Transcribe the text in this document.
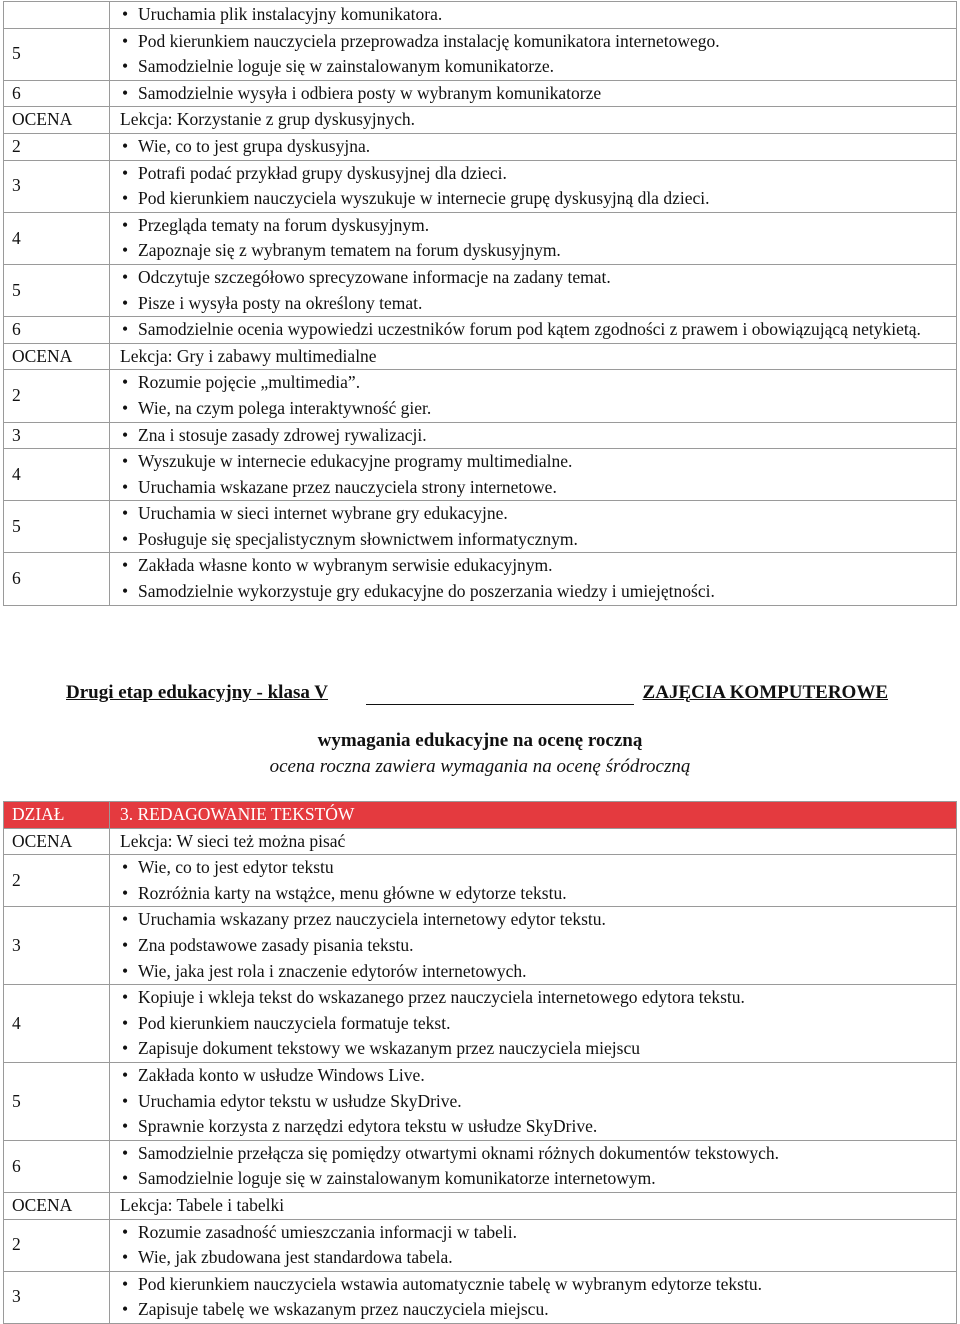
	• Uruchamia plik instalacyjny komunikatora.

5	• Pod kierunkiem nauczyciela przeprowadza instalację komunikatora internetowego.
• Samodzielnie loguje się w zainstalowanym komunikatorze.

6	• Samodzielnie wysyła i odbiera posty w wybranym komunikatorze

OCENA	Lekcja: Korzystanie z grup dyskusyjnych.
2	• Wie, co to jest grupa dyskusyjna.

3	• Potrafi podać przykład grupy dyskusyjnej dla dzieci.
• Pod kierunkiem nauczyciela wyszukuje w internecie grupę dyskusyjną dla dzieci.

4	• Przegląda tematy na forum dyskusyjnym.
• Zapoznaje się z wybranym tematem na forum dyskusyjnym.

5	• Odczytuje szczegółowo sprecyzowane informacje na zadany temat.
• Pisze i wysyła posty na określony temat.

6	• Samodzielnie ocenia wypowiedzi uczestników forum pod kątem zgodności z prawem i obowiązującą netykietą.

OCENA	Lekcja: Gry i zabawy multimedialne
2	• Rozumie pojęcie „multimedia”.
• Wie, na czym polega interaktywność gier.

3	• Zna i stosuje zasady zdrowej rywalizacji.

4	• Wyszukuje w internecie edukacyjne programy multimedialne.
• Uruchamia wskazane przez nauczyciela strony internetowe.

5	• Uruchamia w sieci internet wybrane gry edukacyjne.
• Posługuje się specjalistycznym słownictwem informatycznym.

6	• Zakłada własne konto w wybranym serwisie edukacyjnym.
• Samodzielnie wykorzystuje gry edukacyjne do poszerzania wiedzy i umiejętności.
Drugi etap edukacyjny - klasa V	ZAJĘCIA KOMPUTEROWE
wymagania edukacyjne na ocenę roczną
ocena roczna zawiera wymagania na ocenę śródroczną
DZIAŁ	3. REDAGOWANIE TEKSTÓW
OCENA	Lekcja: W sieci też można pisać
2	• Wie, co to jest edytor tekstu
• Rozróżnia karty na wstążce, menu główne w edytorze tekstu.

3	• Uruchamia wskazany przez nauczyciela internetowy edytor tekstu.
• Zna podstawowe zasady pisania tekstu.
• Wie, jaka jest rola i znaczenie edytorów internetowych.

4	• Kopiuje i wkleja tekst do wskazanego przez nauczyciela internetowego edytora tekstu.
• Pod kierunkiem nauczyciela formatuje tekst.
• Zapisuje dokument tekstowy we wskazanym przez nauczyciela miejscu

5	• Zakłada konto w usłudze Windows Live.
• Uruchamia edytor tekstu w usłudze SkyDrive.
• Sprawnie korzysta z narzędzi edytora tekstu w usłudze SkyDrive.

6	• Samodzielnie przełącza się pomiędzy otwartymi oknami różnych dokumentów tekstowych.
• Samodzielnie loguje się w zainstalowanym komunikatorze internetowym.

OCENA	Lekcja: Tabele i tabelki
2	• Rozumie zasadność umieszczania informacji w tabeli.
• Wie, jak zbudowana jest standardowa tabela.

3	• Pod kierunkiem nauczyciela wstawia automatycznie tabelę w wybranym edytorze tekstu.
• Zapisuje tabelę we wskazanym przez nauczyciela miejscu.
